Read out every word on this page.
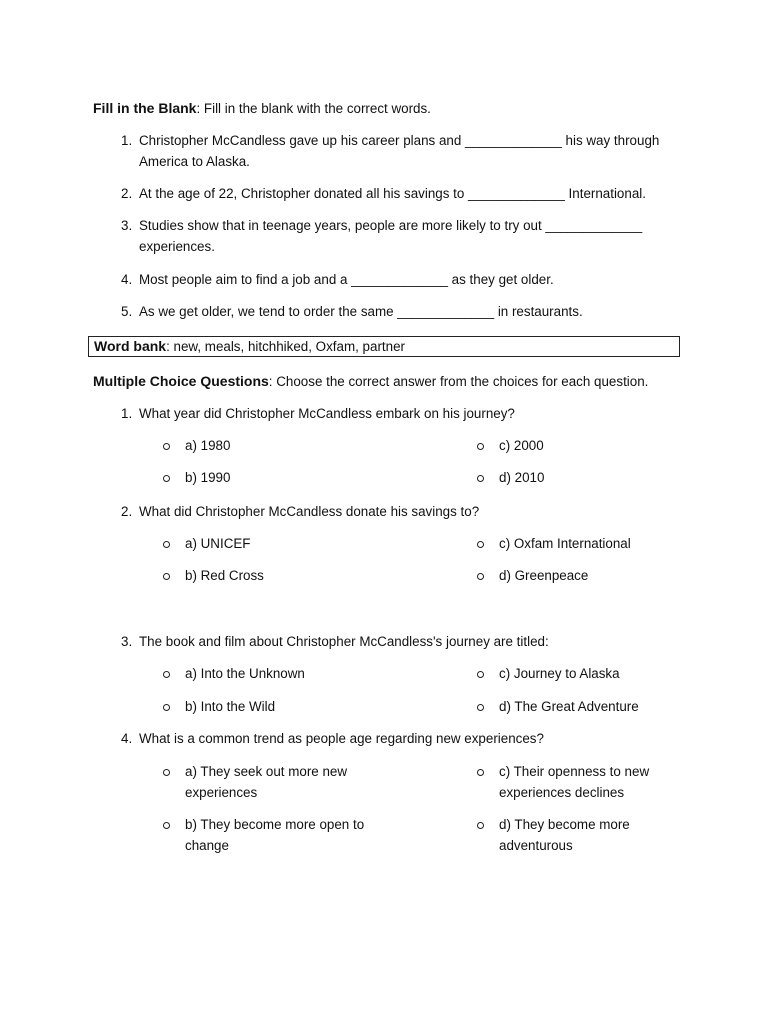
Fill in the Blank: Fill in the blank with the correct words.
1. Christopher McCandless gave up his career plans and _____________ his way through America to Alaska.
2. At the age of 22, Christopher donated all his savings to _____________ International.
3. Studies show that in teenage years, people are more likely to try out _____________ experiences.
4. Most people aim to find a job and a _____________ as they get older.
5. As we get older, we tend to order the same _____________ in restaurants.
Word bank: new, meals, hitchhiked, Oxfam, partner
Multiple Choice Questions: Choose the correct answer from the choices for each question.
1. What year did Christopher McCandless embark on his journey?
a) 1980	c) 2000
b) 1990	d) 2010
2. What did Christopher McCandless donate his savings to?
a) UNICEF	c) Oxfam International
b) Red Cross	d) Greenpeace
3. The book and film about Christopher McCandless's journey are titled:
a) Into the Unknown	c) Journey to Alaska
b) Into the Wild	d) The Great Adventure
4. What is a common trend as people age regarding new experiences?
a) They seek out more new experiences
c) Their openness to new experiences declines
b) They become more open to change
d) They become more adventurous
